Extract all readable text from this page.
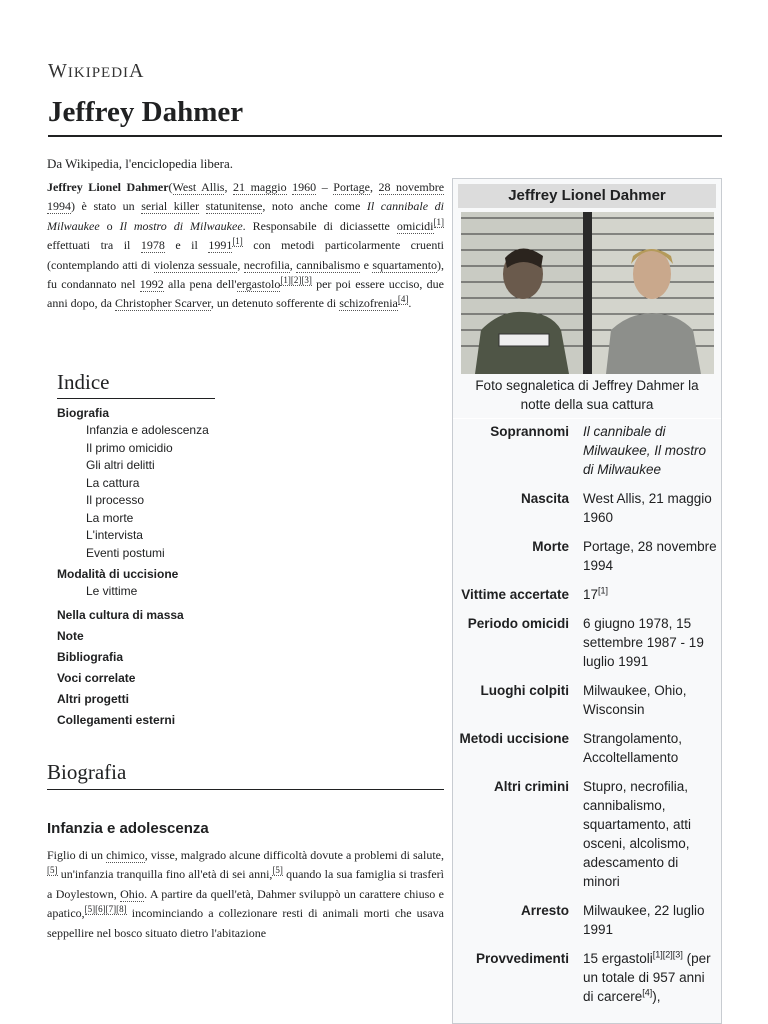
WIKIPEDIA
Jeffrey Dahmer
Da Wikipedia, l'enciclopedia libera.
Jeffrey Lionel Dahmer(West Allis, 21 maggio 1960 – Portage, 28 novembre 1994) è stato un serial killer statunitense, noto anche come Il cannibale di Milwaukee o Il mostro di Milwaukee. Responsabile di diciassette omicidi[1] effettuati tra il 1978 e il 1991[1] con metodi particolarmente cruenti (contemplando atti di violenza sessuale, necrofilia, cannibalismo e squartamento), fu condannato nel 1992 alla pena dell'ergastolo[1][2][3] per poi essere ucciso, due anni dopo, da Christopher Scarver, un detenuto sofferente di schizofrenia[4].
Jeffrey Lionel Dahmer
Foto segnaletica di Jeffrey Dahmer la notte della sua cattura
Soprannomi	Il cannibale di Milwaukee, Il mostro di Milwaukee
Nascita	West Allis, 21 maggio 1960
Morte	Portage, 28 novembre 1994
Vittime accertate	17[1]
Periodo omicidi	6 giugno 1978, 15 settembre 1987 - 19 luglio 1991
Luoghi colpiti	Milwaukee, Ohio, Wisconsin
Metodi uccisione	Strangolamento, Accoltellamento
Altri crimini	Stupro, necrofilia, cannibalismo, squartamento, atti osceni, alcolismo, adescamento di minori
Arresto	Milwaukee, 22 luglio 1991
Provvedimenti	15 ergastoli[1][2][3] (per un totale di 957 anni di carcere[4]),
Indice
Biografia
Infanzia e adolescenza
Il primo omicidio
Gli altri delitti
La cattura
Il processo
La morte
L'intervista
Eventi postumi
Modalità di uccisione
Le vittime
Nella cultura di massa
Note
Bibliografia
Voci correlate
Altri progetti
Collegamenti esterni
Biografia
Infanzia e adolescenza
Figlio di un chimico, visse, malgrado alcune difficoltà dovute a problemi di salute,[5] un'infanzia tranquilla fino all'età di sei anni,[5] quando la sua famiglia si trasferì a Doylestown, Ohio. A partire da quell'età, Dahmer sviluppò un carattere chiuso e apatico,[5][6][7][8] incominciando a collezionare resti di animali morti che usava seppellire nel bosco situato dietro l'abitazione
